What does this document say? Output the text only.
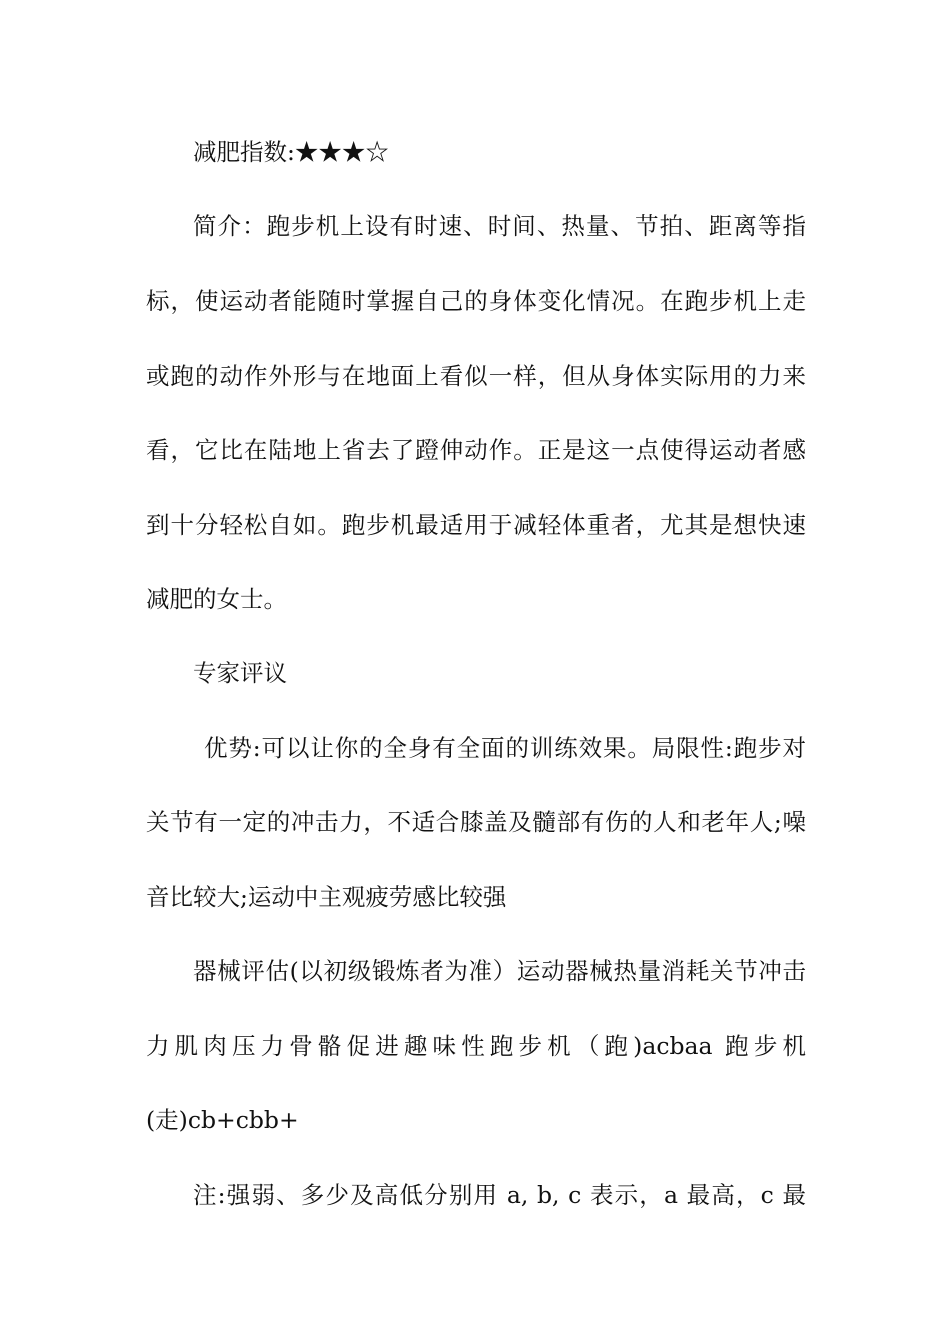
减肥指数:★★★☆
简介：跑步机上设有时速、时间、热量、节拍、距离等指
标，使运动者能随时掌握自己的身体变化情况。在跑步机上走
或跑的动作外形与在地面上看似一样，但从身体实际用的力来
看，它比在陆地上省去了蹬伸动作。正是这一点使得运动者感
到十分轻松自如。跑步机最适用于减轻体重者，尤其是想快速
减肥的女士。
专家评议
优势:可以让你的全身有全面的训练效果。局限性:跑步对
关节有一定的冲击力，不适合膝盖及髓部有伤的人和老年人;噪
音比较大;运动中主观疲劳感比较强
器械评估(以初级锻炼者为准）运动器械热量消耗关节冲击
力肌肉压力骨骼促进趣味性跑步机（跑)acbaa 跑步机
(走)cb+cbb+
注:强弱、多少及高低分别用 a, b, c 表示，a 最高，c 最
